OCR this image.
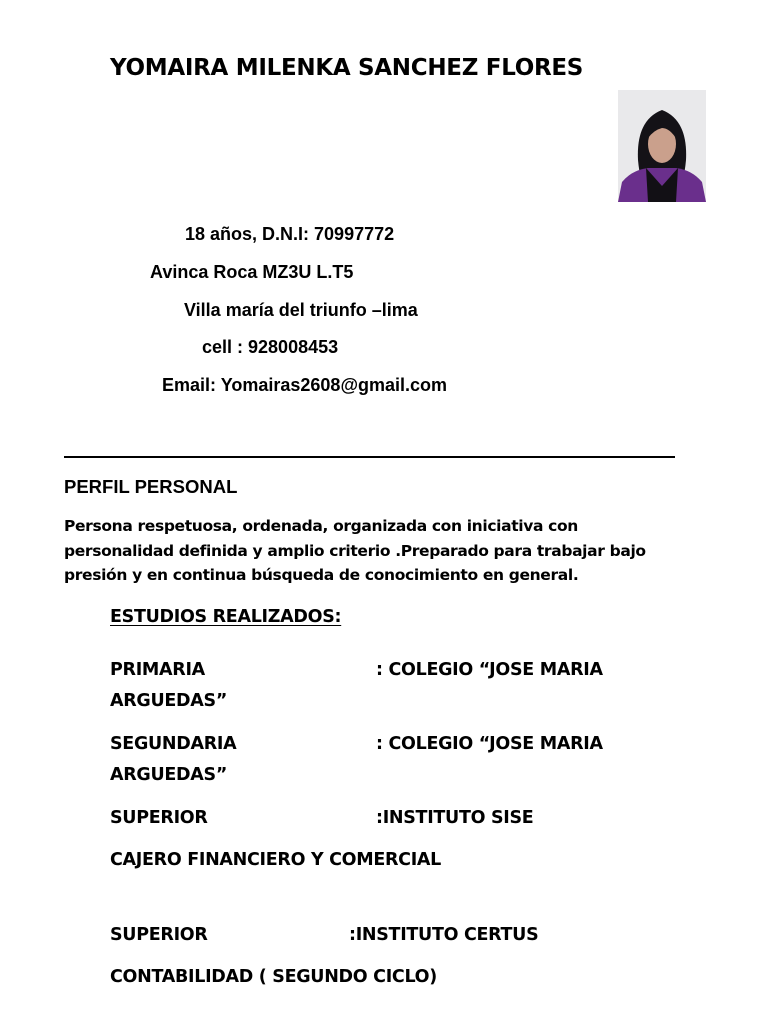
YOMAIRA MILENKA SANCHEZ FLORES
18 años, D.N.I: 70997772
Avinca Roca MZ3U L.T5
Villa maría del triunfo –lima
cell : 928008453
Email: Yomairas2608@gmail.com
PERFIL PERSONAL
Persona respetuosa, ordenada, organizada con iniciativa con
personalidad definida y amplio criterio .Preparado para trabajar bajo
presión y en continua búsqueda de conocimiento en general.
ESTUDIOS REALIZADOS:
PRIMARIA	: COLEGIO “JOSE MARIA
ARGUEDAS”
SEGUNDARIA	: COLEGIO “JOSE MARIA
ARGUEDAS”
SUPERIOR	:INSTITUTO SISE
CAJERO FINANCIERO Y COMERCIAL
SUPERIOR	:INSTITUTO CERTUS
CONTABILIDAD ( SEGUNDO CICLO)
